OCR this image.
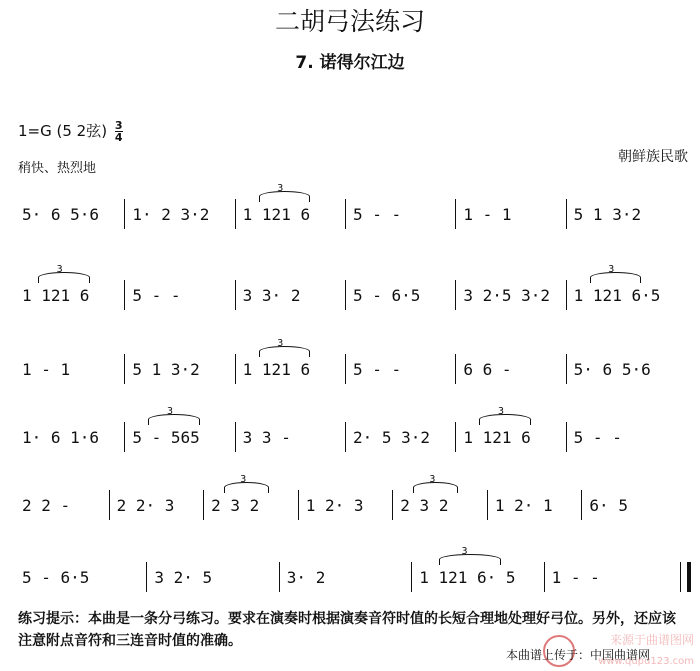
二胡弓法练习
7. 诺得尔江边
1=G (5 2弦) $\frac{3}{4}$
稍快、热烈地
朝鲜族民歌
5· 6 5·6	1· 2 3·2	1 121 6
3
5 - -	1 - 1	5 1 3·2
1 121 6
3
5 - -	3 3· 2	5 - 6·5	3 2·5 3·2	1 121 6·5
3
1 - 1	5 1 3·2	1 121 6
3
5 - -	6 6 -	5· 6 5·6
1· 6 1·6	5 - 565
3
3 3 -	2· 5 3·2	1 121 6
3
5 - -
2 2 -	2 2· 3	2 3 2
3
1 2· 3	2 3 2
3
1 2· 1	6· 5
5 - 6·5	3 2· 5	3· 2	1 121 6· 5
3
1 - -
练习提示：本曲是一条分弓练习。要求在演奏时根据演奏音符时值的长短合理地处理好弓位。另外，还应该注意附点音符和三连音时值的准确。
本曲谱上传于：中国曲谱网
来源于曲谱图网
www.qupu123.com
